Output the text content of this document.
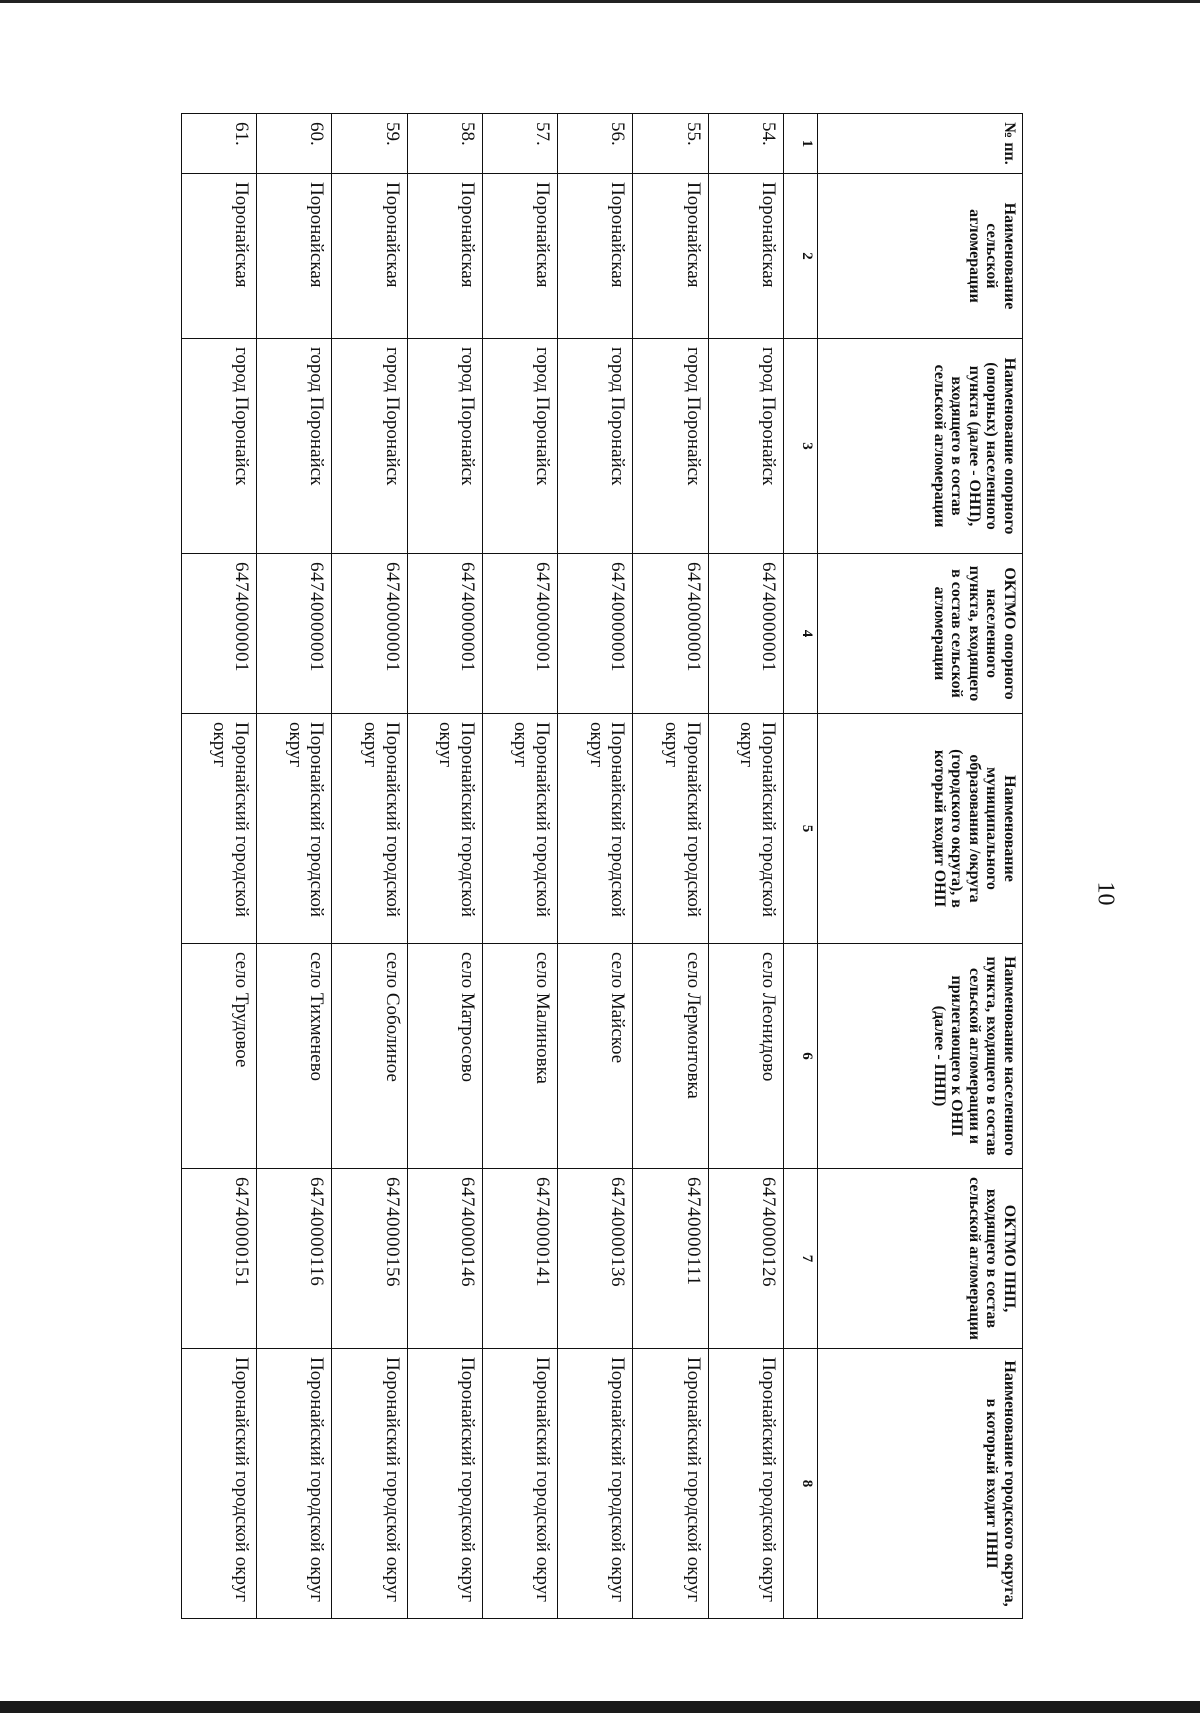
10
№ пп.	Наименование сельской агломерации	Наименование опорного (опорных) населенного пункта (далее - ОНП), входящего в состав сельской агломерации	ОКТМО опорного населенного пункта, входящего в состав сельской агломерации	Наименование муниципального образования /округа (городского округа), в который входит ОНП	Наименование населенного пункта, входящего в состав сельской агломерации и прилегающего к ОНП (далее - ПНП)	ОКТМО ПНП, входящего в состав сельской агломерации	Наименование городского округа, в который входит ПНП
1	2	3	4	5	6	7	8
54.	Поронайская	город Поронайск	64740000001	Поронайский городской округ	село Леонидово	64740000126	Поронайский городской округ
55.	Поронайская	город Поронайск	64740000001	Поронайский городской округ	село Лермонтовка	64740000111	Поронайский городской округ
56.	Поронайская	город Поронайск	64740000001	Поронайский городской округ	село Майское	64740000136	Поронайский городской округ
57.	Поронайская	город Поронайск	64740000001	Поронайский городской округ	село Малиновка	64740000141	Поронайский городской округ
58.	Поронайская	город Поронайск	64740000001	Поронайский городской округ	село Матросово	64740000146	Поронайский городской округ
59.	Поронайская	город Поронайск	64740000001	Поронайский городской округ	село Соболиное	64740000156	Поронайский городской округ
60.	Поронайская	город Поронайск	64740000001	Поронайский городской округ	село Тихменево	64740000116	Поронайский городской округ
61.	Поронайская	город Поронайск	64740000001	Поронайский городской округ	село Трудовое	64740000151	Поронайский городской округ
